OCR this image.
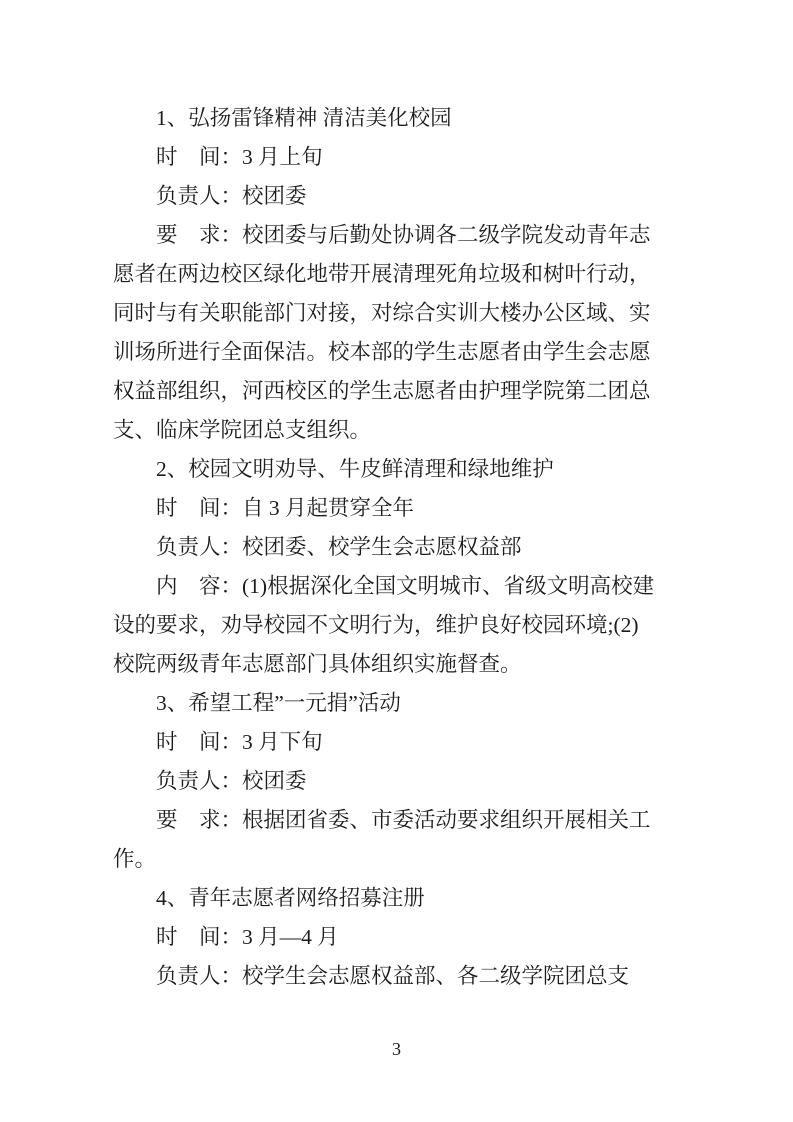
1、弘扬雷锋精神 清洁美化校园
时　间：3 月上旬
负责人：校团委
要　求：校团委与后勤处协调各二级学院发动青年志
愿者在两边校区绿化地带开展清理死角垃圾和树叶行动，
同时与有关职能部门对接，对综合实训大楼办公区域、实
训场所进行全面保洁。校本部的学生志愿者由学生会志愿
权益部组织，河西校区的学生志愿者由护理学院第二团总
支、临床学院团总支组织。
2、校园文明劝导、牛皮鲜清理和绿地维护
时　间：自 3 月起贯穿全年
负责人：校团委、校学生会志愿权益部
内　容：(1)根据深化全国文明城市、省级文明高校建
设的要求，劝导校园不文明行为，维护良好校园环境;(2)
校院两级青年志愿部门具体组织实施督查。
3、希望工程”一元捐”活动
时　间：3 月下旬
负责人：校团委
要　求：根据团省委、市委活动要求组织开展相关工
作。
4、青年志愿者网络招募注册
时　间：3 月—4 月
负责人：校学生会志愿权益部、各二级学院团总支
3
